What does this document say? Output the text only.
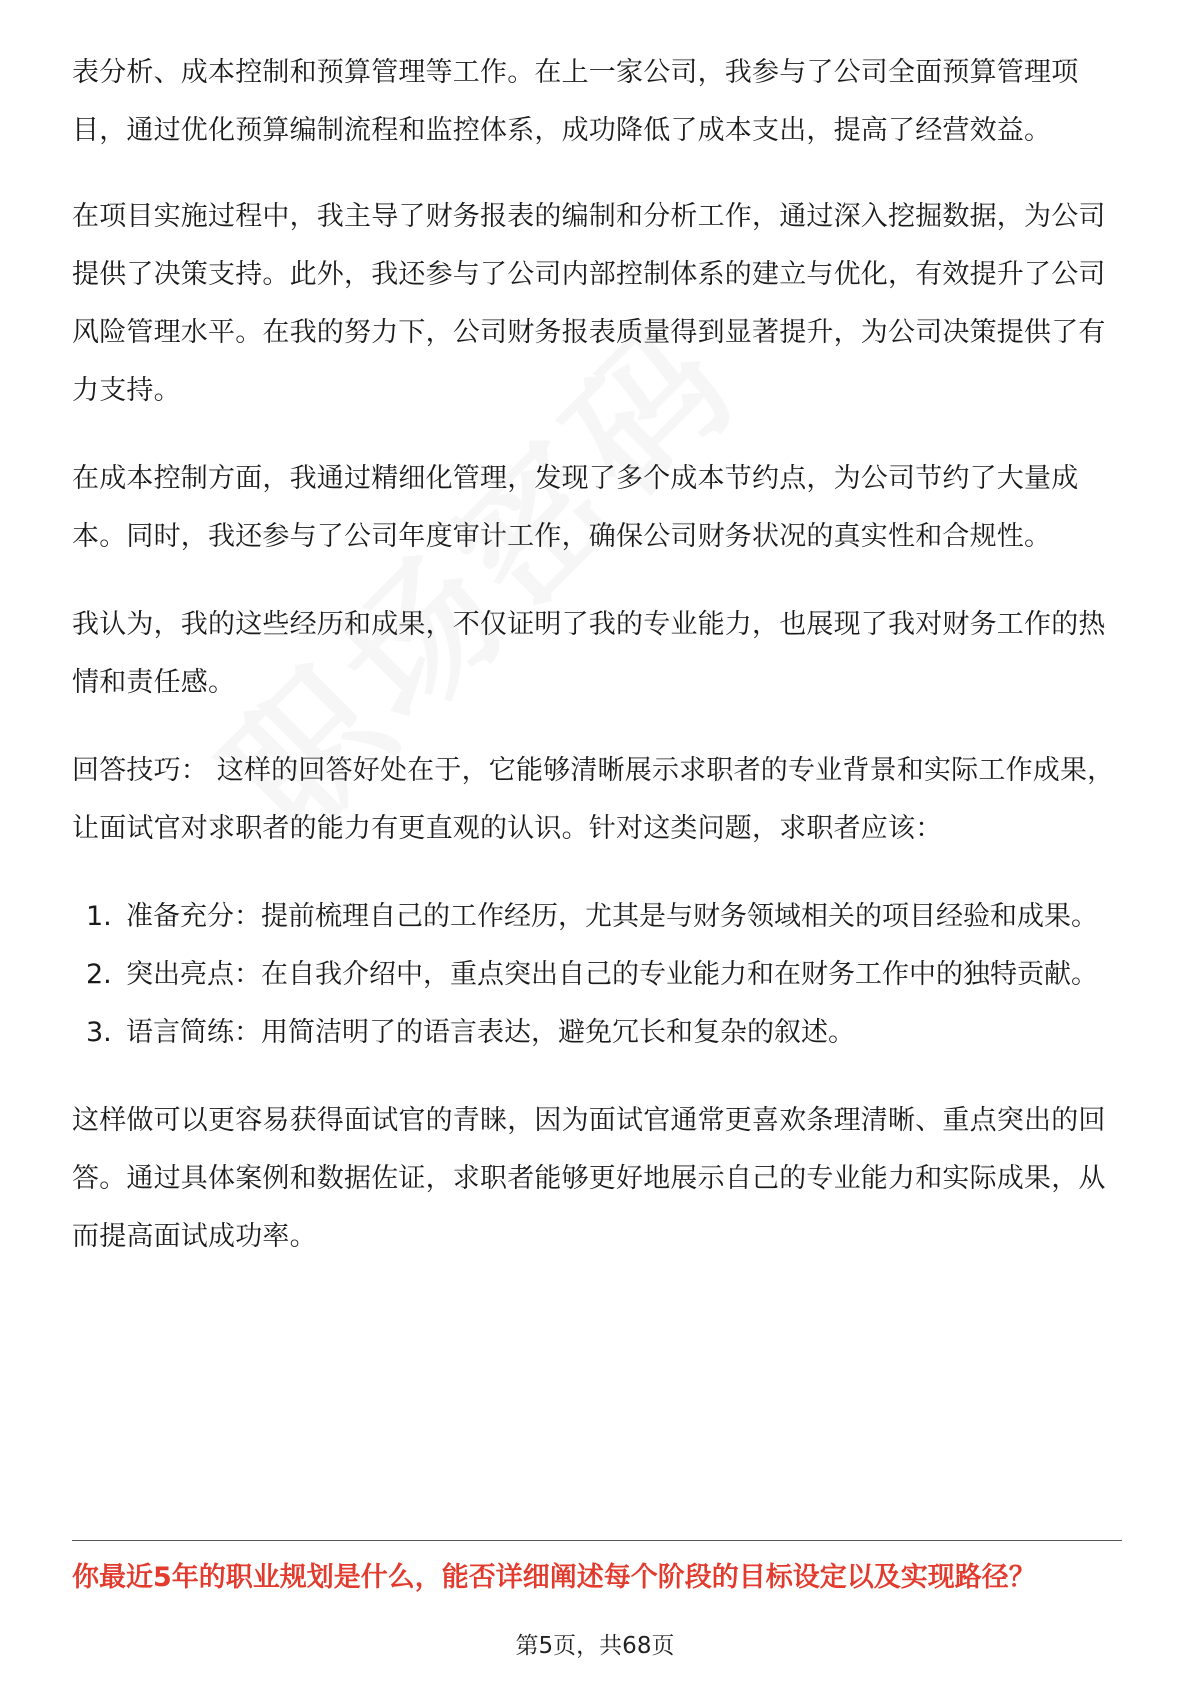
表分析、成本控制和预算管理等工作。在上一家公司，我参与了公司全面预算管理项目，通过优化预算编制流程和监控体系，成功降低了成本支出，提高了经营效益。

在项目实施过程中，我主导了财务报表的编制和分析工作，通过深入挖掘数据，为公司提供了决策支持。此外，我还参与了公司内部控制体系的建立与优化，有效提升了公司风险管理水平。在我的努力下，公司财务报表质量得到显著提升，为公司决策提供了有力支持。

在成本控制方面，我通过精细化管理，发现了多个成本节约点，为公司节约了大量成本。同时，我还参与了公司年度审计工作，确保公司财务状况的真实性和合规性。

我认为，我的这些经历和成果，不仅证明了我的专业能力，也展现了我对财务工作的热情和责任感。

回答技巧： 这样的回答好处在于，它能够清晰展示求职者的专业背景和实际工作成果，让面试官对求职者的能力有更直观的认识。针对这类问题，求职者应该：

1. 准备充分：提前梳理自己的工作经历，尤其是与财务领域相关的项目经验和成果。
2. 突出亮点：在自我介绍中，重点突出自己的专业能力和在财务工作中的独特贡献。
3. 语言简练：用简洁明了的语言表达，避免冗长和复杂的叙述。

这样做可以更容易获得面试官的青睐，因为面试官通常更喜欢条理清晰、重点突出的回答。通过具体案例和数据佐证，求职者能够更好地展示自己的专业能力和实际成果，从而提高面试成功率。

你最近5年的职业规划是什么，能否详细阐述每个阶段的目标设定以及实现路径？
第5页，共68页
